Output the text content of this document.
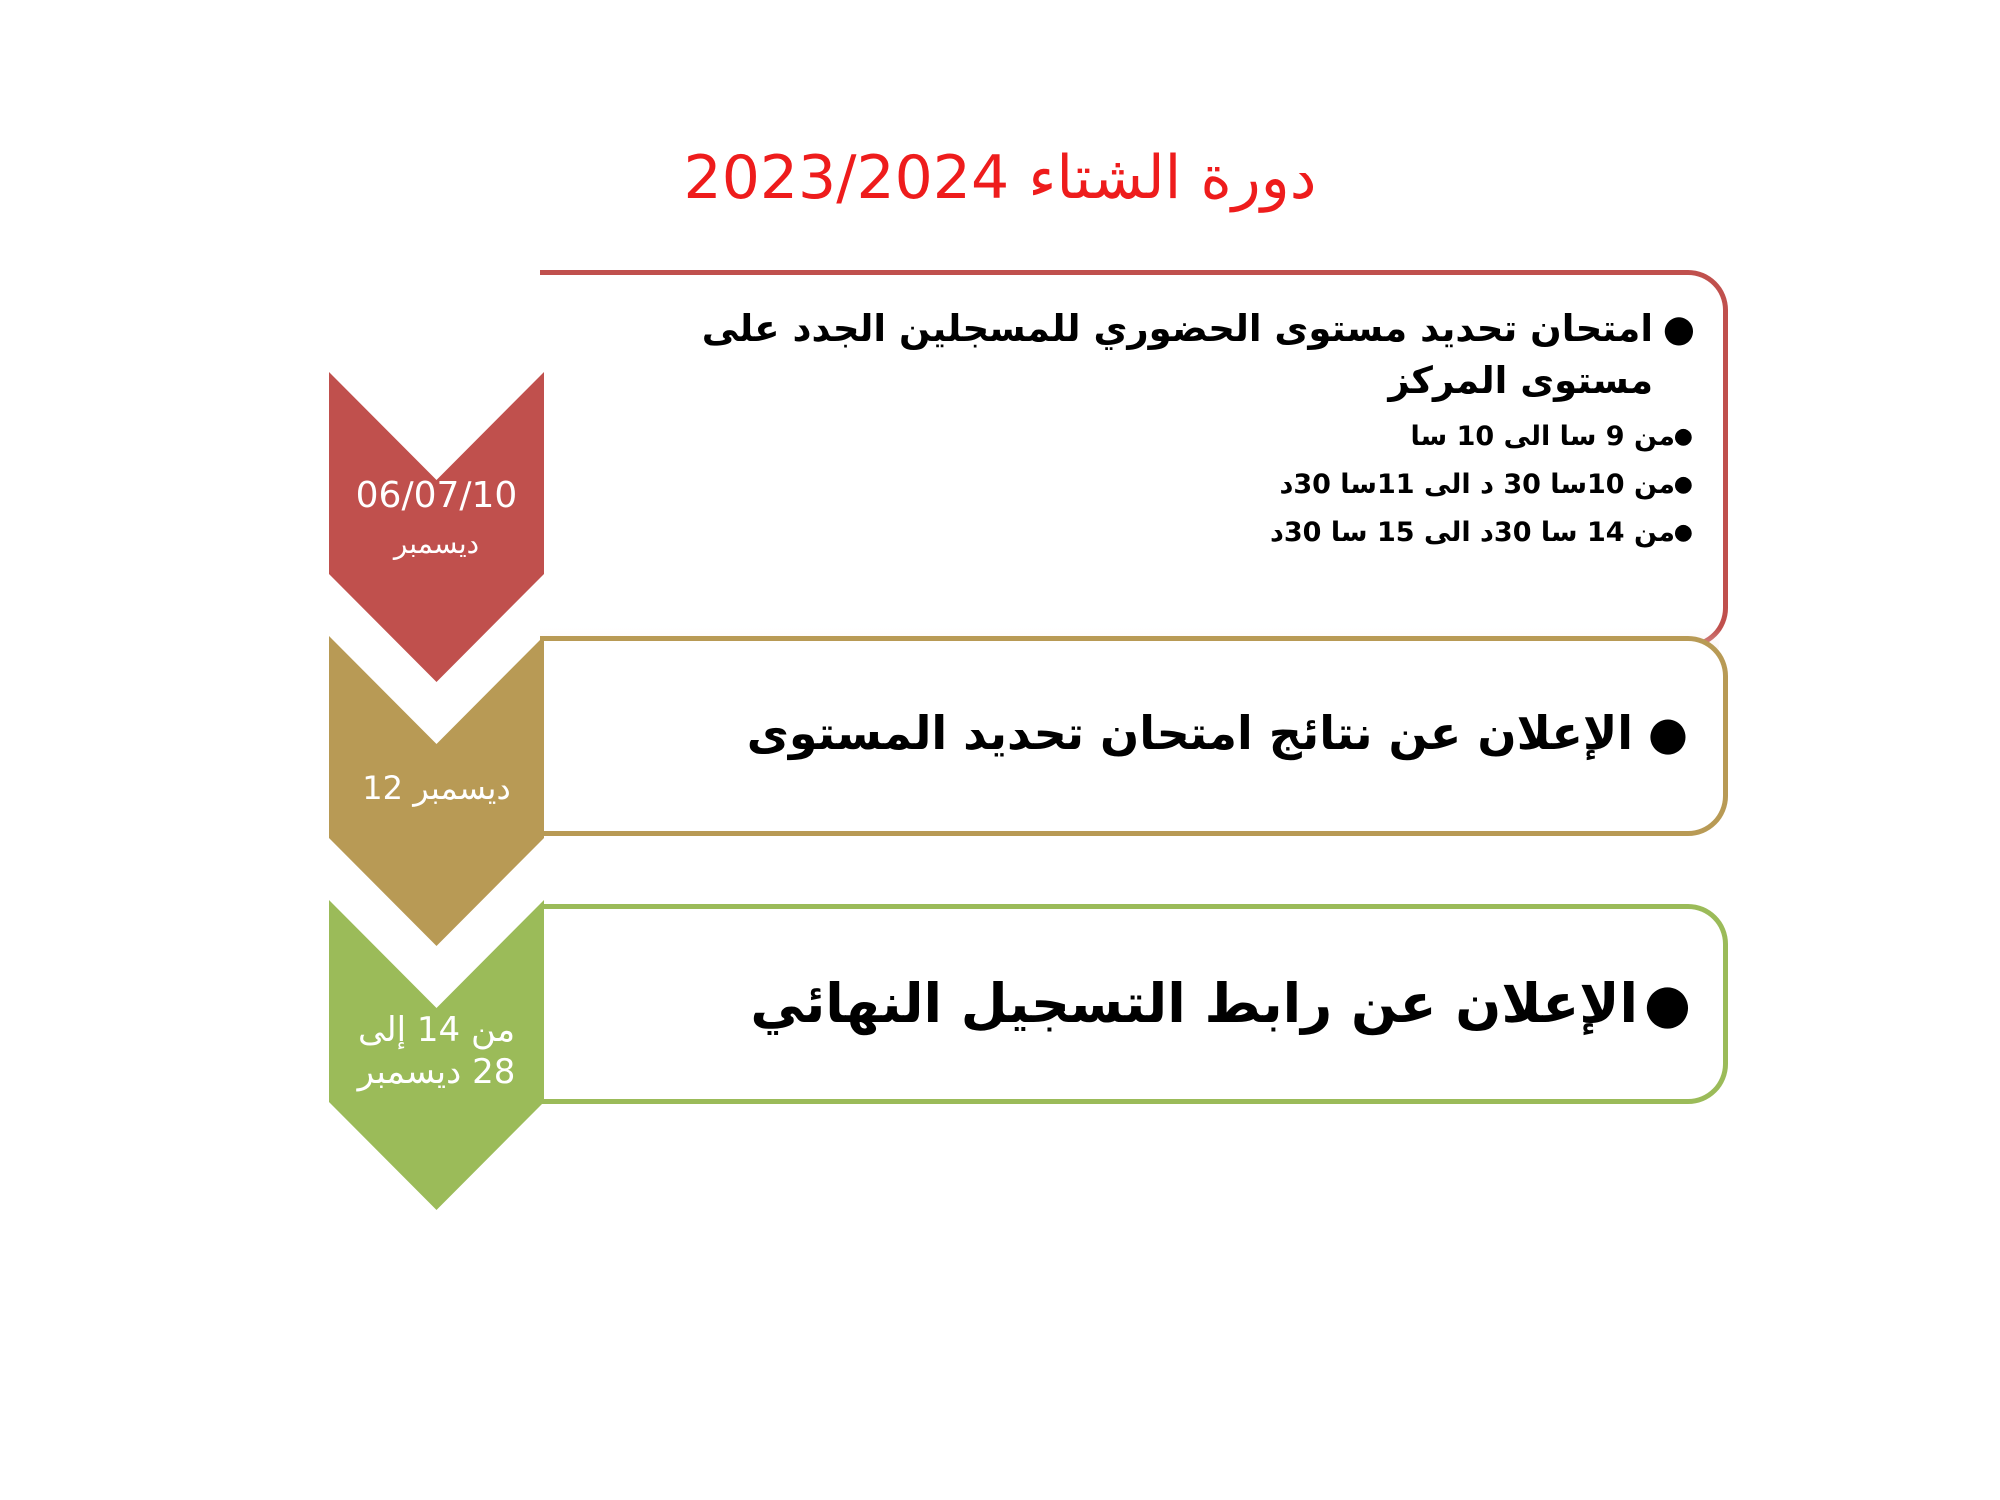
دورة الشتاء 2023/2024
●
امتحان تحديد مستوى الحضوري للمسجلين الجدد على مستوى المركز
●
من 9 سا الى 10 سا
●
من 10سا 30 د الى 11سا 30د
●
من 14 سا 30د الى 15 سا 30د
●
الإعلان عن نتائج امتحان تحديد المستوى
●
الإعلان عن رابط التسجيل النهائي
06/07/10
ديسمبر
ديسمبر 12
من 14 إلى
28 ديسمبر
